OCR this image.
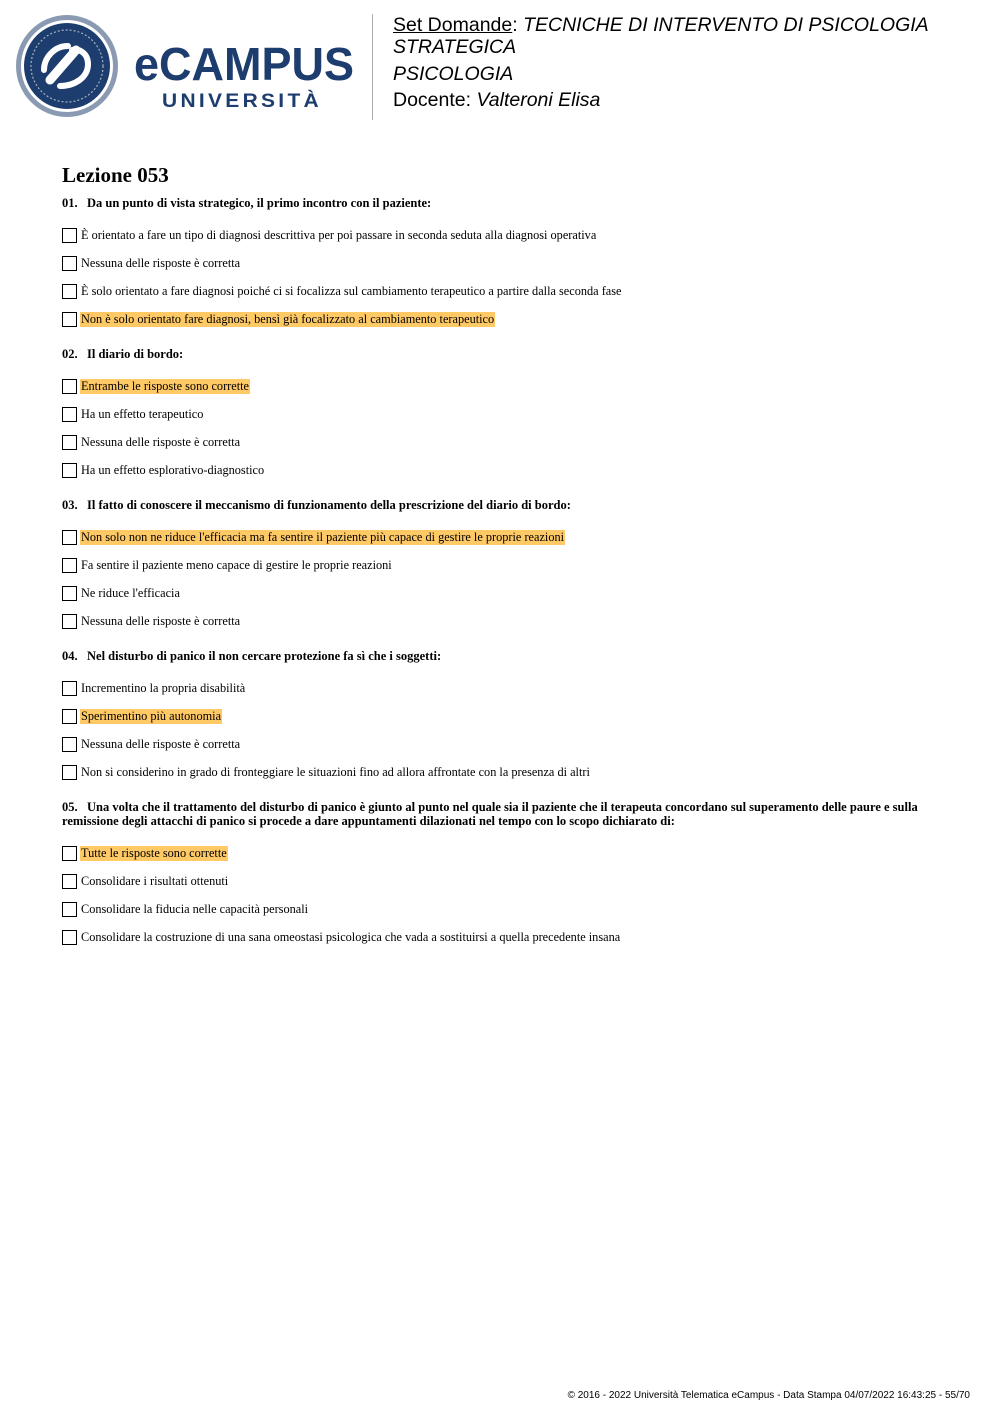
eCAMPUS
UNIVERSITÀ
Set Domande: TECNICHE DI INTERVENTO DI PSICOLOGIA STRATEGICA
PSICOLOGIA
Docente: Valteroni Elisa
Lezione 053
01. Da un punto di vista strategico, il primo incontro con il paziente:
È orientato a fare un tipo di diagnosi descrittiva per poi passare in seconda seduta alla diagnosi operativa
Nessuna delle risposte è corretta
È solo orientato a fare diagnosi poiché ci si focalizza sul cambiamento terapeutico a partire dalla seconda fase
Non è solo orientato fare diagnosi, bensì già focalizzato al cambiamento terapeutico
02. Il diario di bordo:
Entrambe le risposte sono corrette
Ha un effetto terapeutico
Nessuna delle risposte è corretta
Ha un effetto esplorativo-diagnostico
03. Il fatto di conoscere il meccanismo di funzionamento della prescrizione del diario di bordo:
Non solo non ne riduce l'efficacia ma fa sentire il paziente più capace di gestire le proprie reazioni
Fa sentire il paziente meno capace di gestire le proprie reazioni
Ne riduce l'efficacia
Nessuna delle risposte è corretta
04. Nel disturbo di panico il non cercare protezione fa sì che i soggetti:
Incrementino la propria disabilità
Sperimentino più autonomia
Nessuna delle risposte è corretta
Non si considerino in grado di fronteggiare le situazioni fino ad allora affrontate con la presenza di altri
05. Una volta che il trattamento del disturbo di panico è giunto al punto nel quale sia il paziente che il terapeuta concordano sul superamento delle paure e sulla remissione degli attacchi di panico si procede a dare appuntamenti dilazionati nel tempo con lo scopo dichiarato di:
Tutte le risposte sono corrette
Consolidare i risultati ottenuti
Consolidare la fiducia nelle capacità personali
Consolidare la costruzione di una sana omeostasi psicologica che vada a sostituirsi a quella precedente insana
© 2016 - 2022 Università Telematica eCampus - Data Stampa 04/07/2022 16:43:25 - 55/70
